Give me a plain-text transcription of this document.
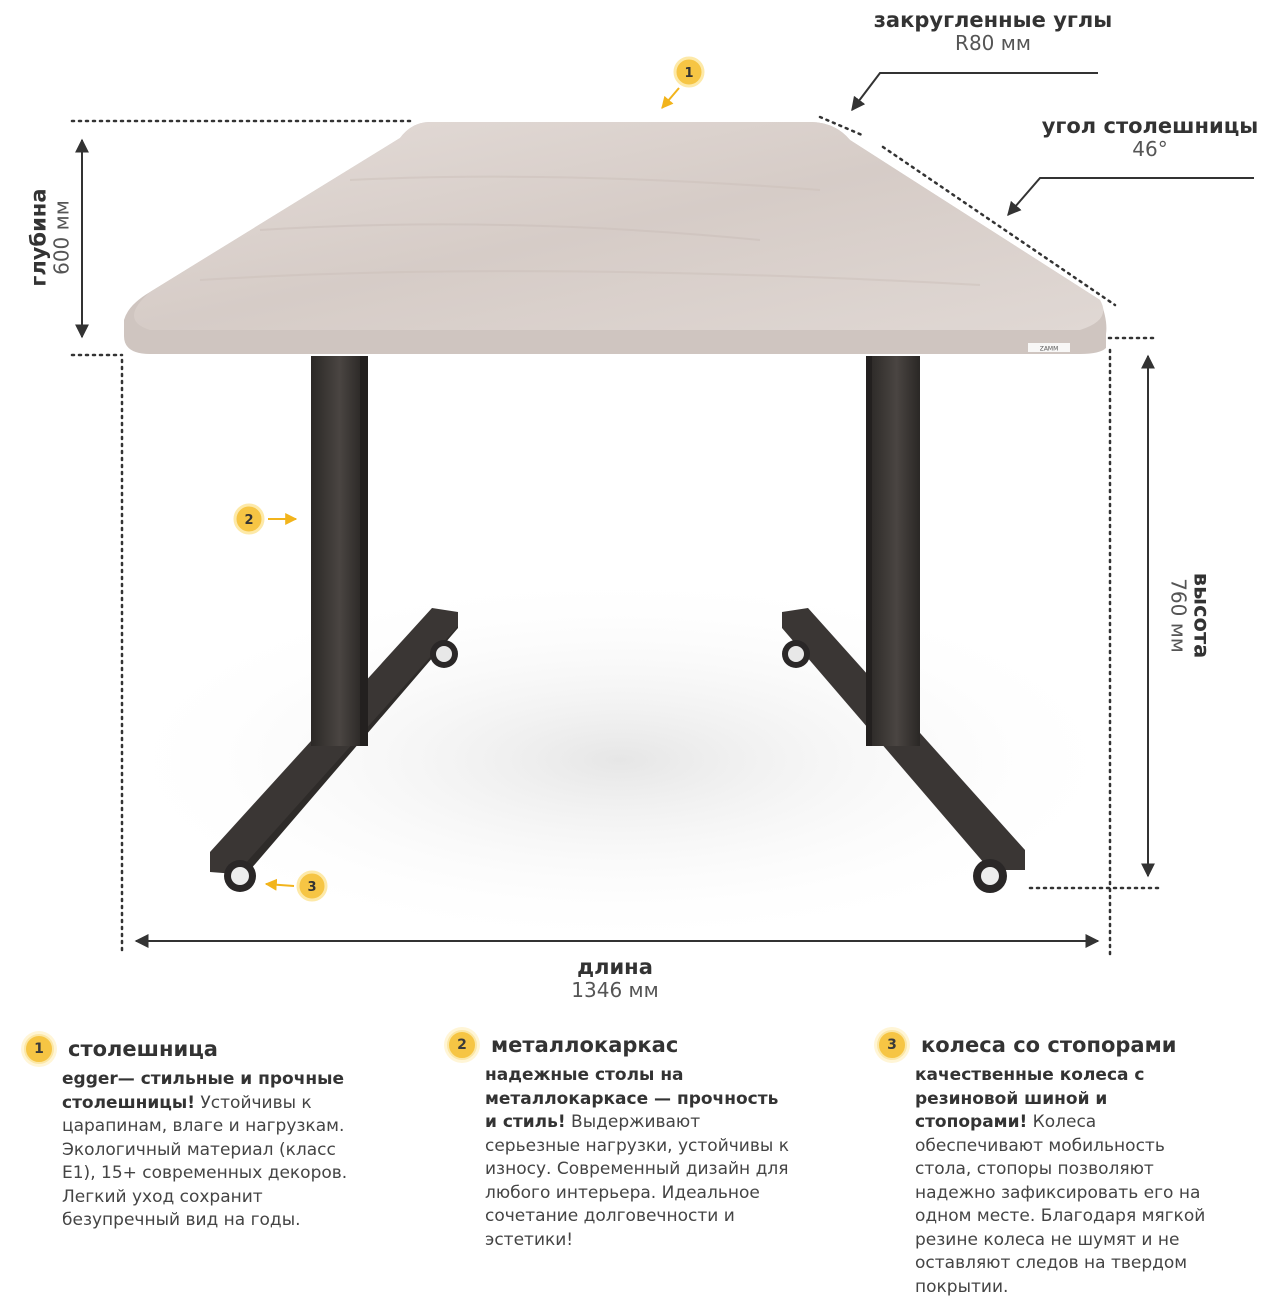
ZAMM
1
2
3
закругленные углы
R80 мм
угол столешницы
46°
глубина 600 мм
высота
760 мм
длина
1346 мм
1	столешница
egger— стильные и прочные столешницы! Устойчивы к царапинам, влаге и нагрузкам. Экологичный материал (класс E1), 15+ современных декоров. Легкий уход сохранит безупречный вид на годы.
2	металлокаркас
надежные столы на металлокаркасе — прочность и стиль! Выдерживают серьезные нагрузки, устойчивы к износу. Современный дизайн для любого интерьера. Идеальное сочетание долговечности и эстетики!
3	колеса со стопорами
качественные колеса с резиновой шиной и стопорами! Колеса обеспечивают мобильность стола, стопоры позволяют надежно зафиксировать его на одном месте. Благодаря мягкой резине колеса не шумят и не оставляют следов на твердом покрытии.
